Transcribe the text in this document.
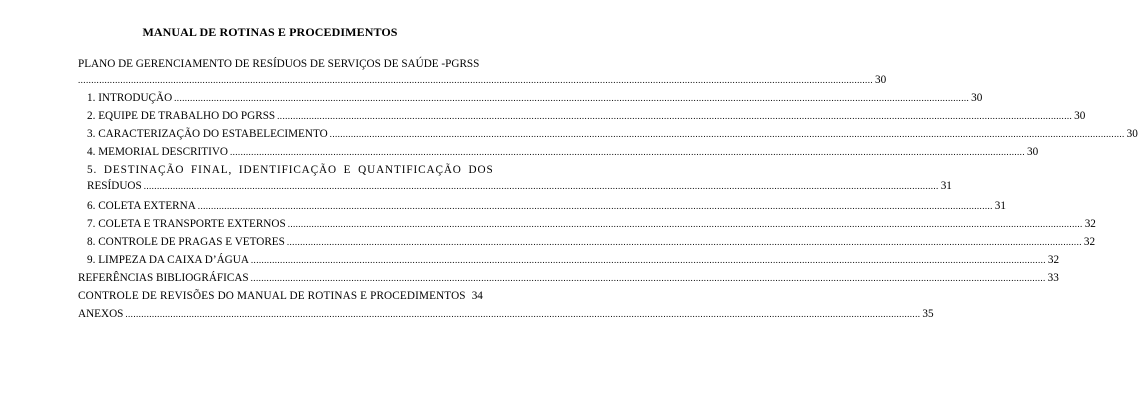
MANUAL DE ROTINAS E PROCEDIMENTOS
PLANO DE GERENCIAMENTO DE RESÍDUOS DE SERVIÇOS DE SAÚDE -PGRSS
............................................................................................................................................................................................................................................................................................................ 30
1. INTRODUÇÃO ............................................................................................................................................................................................................................................................................................................ 30
2. EQUIPE DE TRABALHO DO PGRSS ............................................................................................................................................................................................................................................................................................................ 30
3. CARACTERIZAÇÃO DO ESTABELECIMENTO ............................................................................................................................................................................................................................................................................................................ 30
4. MEMORIAL DESCRITIVO ............................................................................................................................................................................................................................................................................................................ 30
5. DESTINAÇÃO FINAL, IDENTIFICAÇÃO E QUANTIFICAÇÃO DOS
RESÍDUOS ............................................................................................................................................................................................................................................................................................................ 31
6. COLETA EXTERNA ............................................................................................................................................................................................................................................................................................................ 31
7. COLETA E TRANSPORTE EXTERNOS ............................................................................................................................................................................................................................................................................................................ 32
8. CONTROLE DE PRAGAS E VETORES ............................................................................................................................................................................................................................................................................................................ 32
9. LIMPEZA DA CAIXA D’ÁGUA ............................................................................................................................................................................................................................................................................................................ 32
REFERÊNCIAS BIBLIOGRÁFICAS ............................................................................................................................................................................................................................................................................................................ 33
CONTROLE DE REVISÕES DO MANUAL DE ROTINAS E PROCEDIMENTOS 34
ANEXOS ............................................................................................................................................................................................................................................................................................................ 35
